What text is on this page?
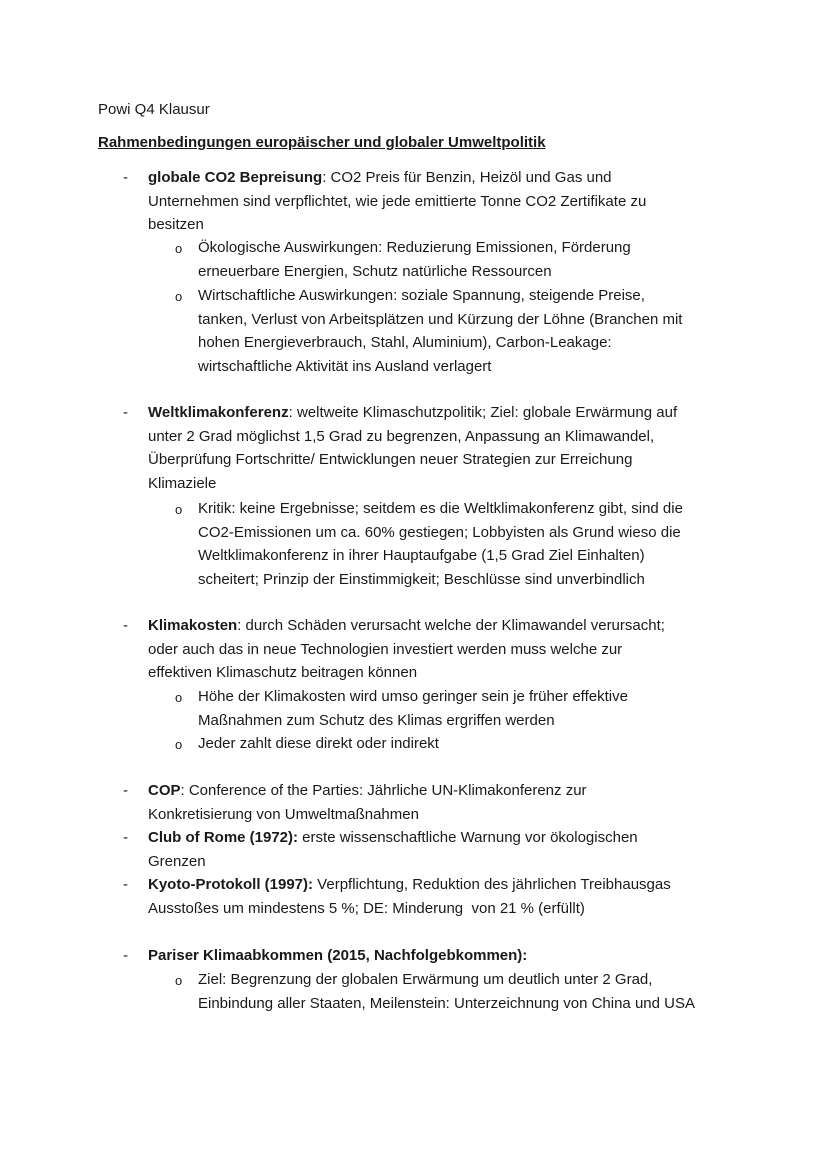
Powi Q4 Klausur
Rahmenbedingungen europäischer und globaler Umweltpolitik
- globale CO2 Bepreisung: CO2 Preis für Benzin, Heizöl und Gas und
Unternehmen sind verpflichtet, wie jede emittierte Tonne CO2 Zertifikate zu
besitzen
o Ökologische Auswirkungen: Reduzierung Emissionen, Förderung
erneuerbare Energien, Schutz natürliche Ressourcen
o Wirtschaftliche Auswirkungen: soziale Spannung, steigende Preise,
tanken, Verlust von Arbeitsplätzen und Kürzung der Löhne (Branchen mit
hohen Energieverbrauch, Stahl, Aluminium), Carbon-Leakage:
wirtschaftliche Aktivität ins Ausland verlagert
- Weltklimakonferenz: weltweite Klimaschutzpolitik; Ziel: globale Erwärmung auf
unter 2 Grad möglichst 1,5 Grad zu begrenzen, Anpassung an Klimawandel,
Überprüfung Fortschritte/ Entwicklungen neuer Strategien zur Erreichung
Klimaziele
o Kritik: keine Ergebnisse; seitdem es die Weltklimakonferenz gibt, sind die
CO2-Emissionen um ca. 60% gestiegen; Lobbyisten als Grund wieso die
Weltklimakonferenz in ihrer Hauptaufgabe (1,5 Grad Ziel Einhalten)
scheitert; Prinzip der Einstimmigkeit; Beschlüsse sind unverbindlich
- Klimakosten: durch Schäden verursacht welche der Klimawandel verursacht;
oder auch das in neue Technologien investiert werden muss welche zur
effektiven Klimaschutz beitragen können
o Höhe der Klimakosten wird umso geringer sein je früher effektive
Maßnahmen zum Schutz des Klimas ergriffen werden
o Jeder zahlt diese direkt oder indirekt
- COP: Conference of the Parties: Jährliche UN-Klimakonferenz zur
Konkretisierung von Umweltmaßnahmen
- Club of Rome (1972): erste wissenschaftliche Warnung vor ökologischen
Grenzen
- Kyoto-Protokoll (1997): Verpflichtung, Reduktion des jährlichen Treibhausgas
Ausstoßes um mindestens 5 %; DE: Minderung  von 21 % (erfüllt)
- Pariser Klimaabkommen (2015, Nachfolgebkommen):
o Ziel: Begrenzung der globalen Erwärmung um deutlich unter 2 Grad,
Einbindung aller Staaten, Meilenstein: Unterzeichnung von China und USA
